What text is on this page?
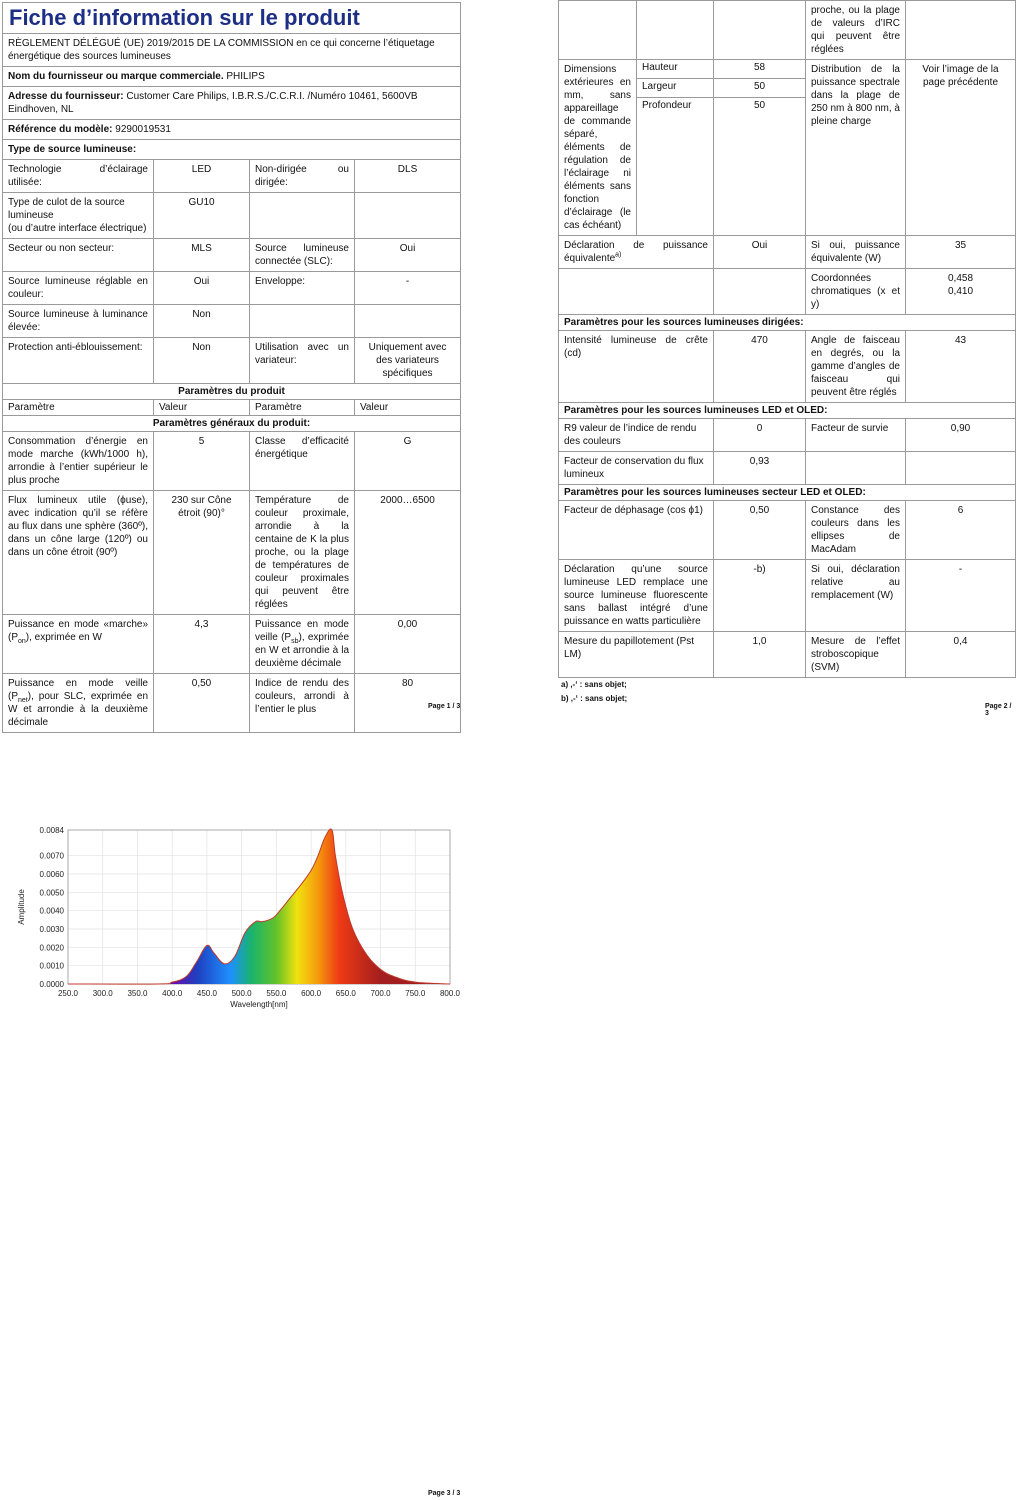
Fiche d’information sur le produit			

RÈGLEMENT DÉLÉGUÉ (UE) 2019/2015 DE LA COMMISSION en ce qui concerne l’étiquetage énergétique des sources lumineuses			
Nom du fournisseur ou marque commerciale. PHILIPS			
Adresse du fournisseur: Customer Care Philips, I.B.R.S./C.C.R.I. /Numéro 10461, 5600VB Eindhoven, NL			
Référence du modèle: 9290019531			
Type de source lumineuse:			
Technologie d’éclairage utilisée:	LED	Non-dirigée ou dirigée:	DLS

Type de culot de la source lumineuse
(ou d’autre interface électrique)	GU10		
Secteur ou non secteur:	MLS	Source lumineuse connectée (SLC):	Oui
Source lumineuse réglable en couleur:	Oui	Enveloppe:	-
Source lumineuse à luminance élevée:	Non		
Protection anti-éblouissement:	Non	Utilisation avec un variateur:	Uniquement avec des variateurs spécifiques
Paramètres du produit			
Paramètre	Valeur	Paramètre	Valeur
Paramètres généraux du produit:			
Consommation d’énergie en mode marche (kWh/1000 h), arrondie à l’entier supérieur le plus proche	5	Classe d’efficacité énergétique	G
Flux lumineux utile (ϕuse), avec indication qu’il se réfère au flux dans une sphère (360º), dans un cône large (120º) ou dans un cône étroit (90º)	230 sur Cône étroit (90)°	Température de couleur proximale, arrondie à la centaine de K la plus proche, ou la plage de températures de couleur proximales qui peuvent être réglées	2000…6500
Puissance en mode «marche» $(P_{on})$, exprimée en W	4,3	Puissance en mode veille $(P_{sb})$, exprimée en W et arrondie à la deuxième décimale	0,00
Puissance en mode veille $(P_{net})$, pour SLC, exprimée en W et arrondie à la deuxième décimale	0,50	Indice de rendu des couleurs, arrondi à l’entier le plus	80
Page 1 / 3
			proche, ou la plage de valeurs d’IRC qui peuvent être réglées	
Dimensions extérieures en mm, sans appareillage de commande séparé, éléments de régulation de l’éclairage ni éléments sans fonction d’éclairage (le cas échéant)	Hauteur	58	Distribution de la puissance spectrale dans la plage de 250 nm à 800 nm, à pleine charge	Voir l’image de la page précédente
	Largeur	50		
	Profondeur	50		
Déclaration de puissance équivalente$^{a)}$		Oui	Si oui, puissance équivalente (W)	35
			Coordonnées chromatiques (x et y)	0,458
0,410

Paramètres pour les sources lumineuses dirigées:				
Intensité lumineuse de crête (cd)		470	Angle de faisceau en degrés, ou la gamme d’angles de faisceau qui peuvent être réglés	43
Paramètres pour les sources lumineuses LED et OLED:				
R9 valeur de l’indice de rendu des couleurs		0	Facteur de survie	0,90
Facteur de conservation du flux lumineux		0,93		
Paramètres pour les sources lumineuses secteur LED et OLED:				
Facteur de déphasage (cos ϕ1)		0,50	Constance des couleurs dans les ellipses de MacAdam	6
Déclaration qu’une source lumineuse LED remplace une source lumineuse fluorescente sans ballast intégré d’une puissance en watts particulière		-b)	Si oui, déclaration relative au remplacement (W)	-
Mesure du papillotement (Pst LM)		1,0	Mesure de l’effet stroboscopique (SVM)	0,4
a) ,-‘ : sans objet;
b) ,-‘ : sans objet;
Page 2 / 3
250.0 300.0 350.0 400.0 450.0 500.0 550.0 600.0 650.0 700.0 750.0 800.0
0.0000
0.0010
0.0020
0.0030
0.0040
0.0050
0.0060
0.0070
0.0084
Wavelength[nm]
Amplitude
Page 3 / 3
